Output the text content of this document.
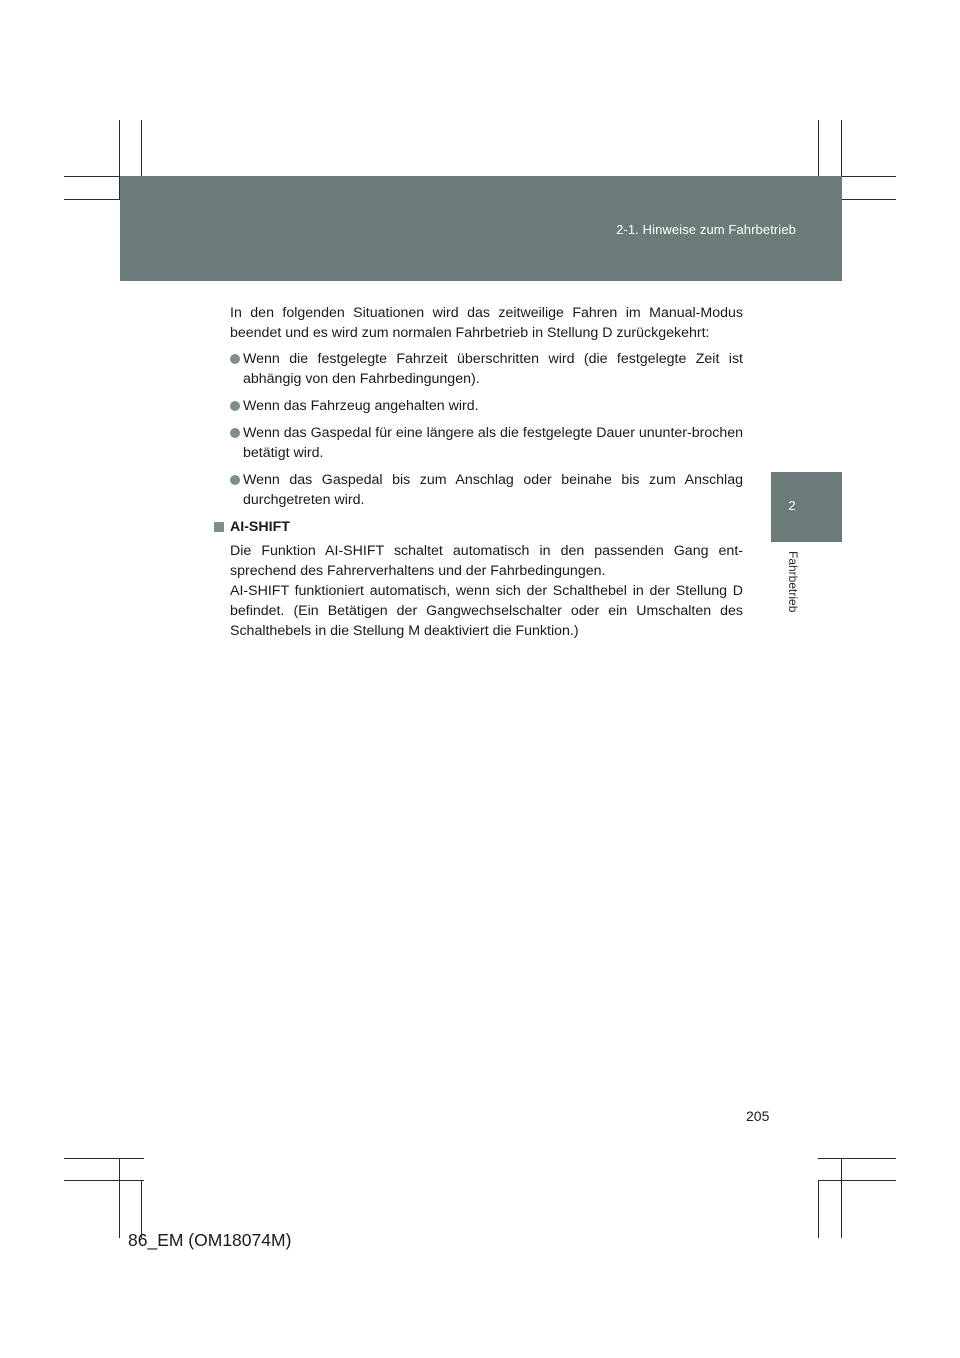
2-1. Hinweise zum Fahrbetrieb
2
Fahrbetrieb

In den folgenden Situationen wird das zeitweilige Fahren im Manual-Modus beendet und es wird zum normalen Fahrbetrieb in Stellung D zurückgekehrt:

Wenn die festgelegte Fahrzeit überschritten wird (die festgelegte Zeit ist abhängig von den Fahrbedingungen).
Wenn das Fahrzeug angehalten wird.
Wenn das Gaspedal für eine längere als die festgelegte Dauer ununter-brochen betätigt wird.
Wenn das Gaspedal bis zum Anschlag oder beinahe bis zum Anschlag durchgetreten wird.
AI-SHIFT
Die Funktion AI-SHIFT schaltet automatisch in den passenden Gang ent-sprechend des Fahrerverhaltens und der Fahrbedingungen.
AI-SHIFT funktioniert automatisch, wenn sich der Schalthebel in der Stellung D befindet. (Ein Betätigen der Gangwechselschalter oder ein Umschalten des Schalthebels in die Stellung M deaktiviert die Funktion.)
205
86_EM (OM18074M)
